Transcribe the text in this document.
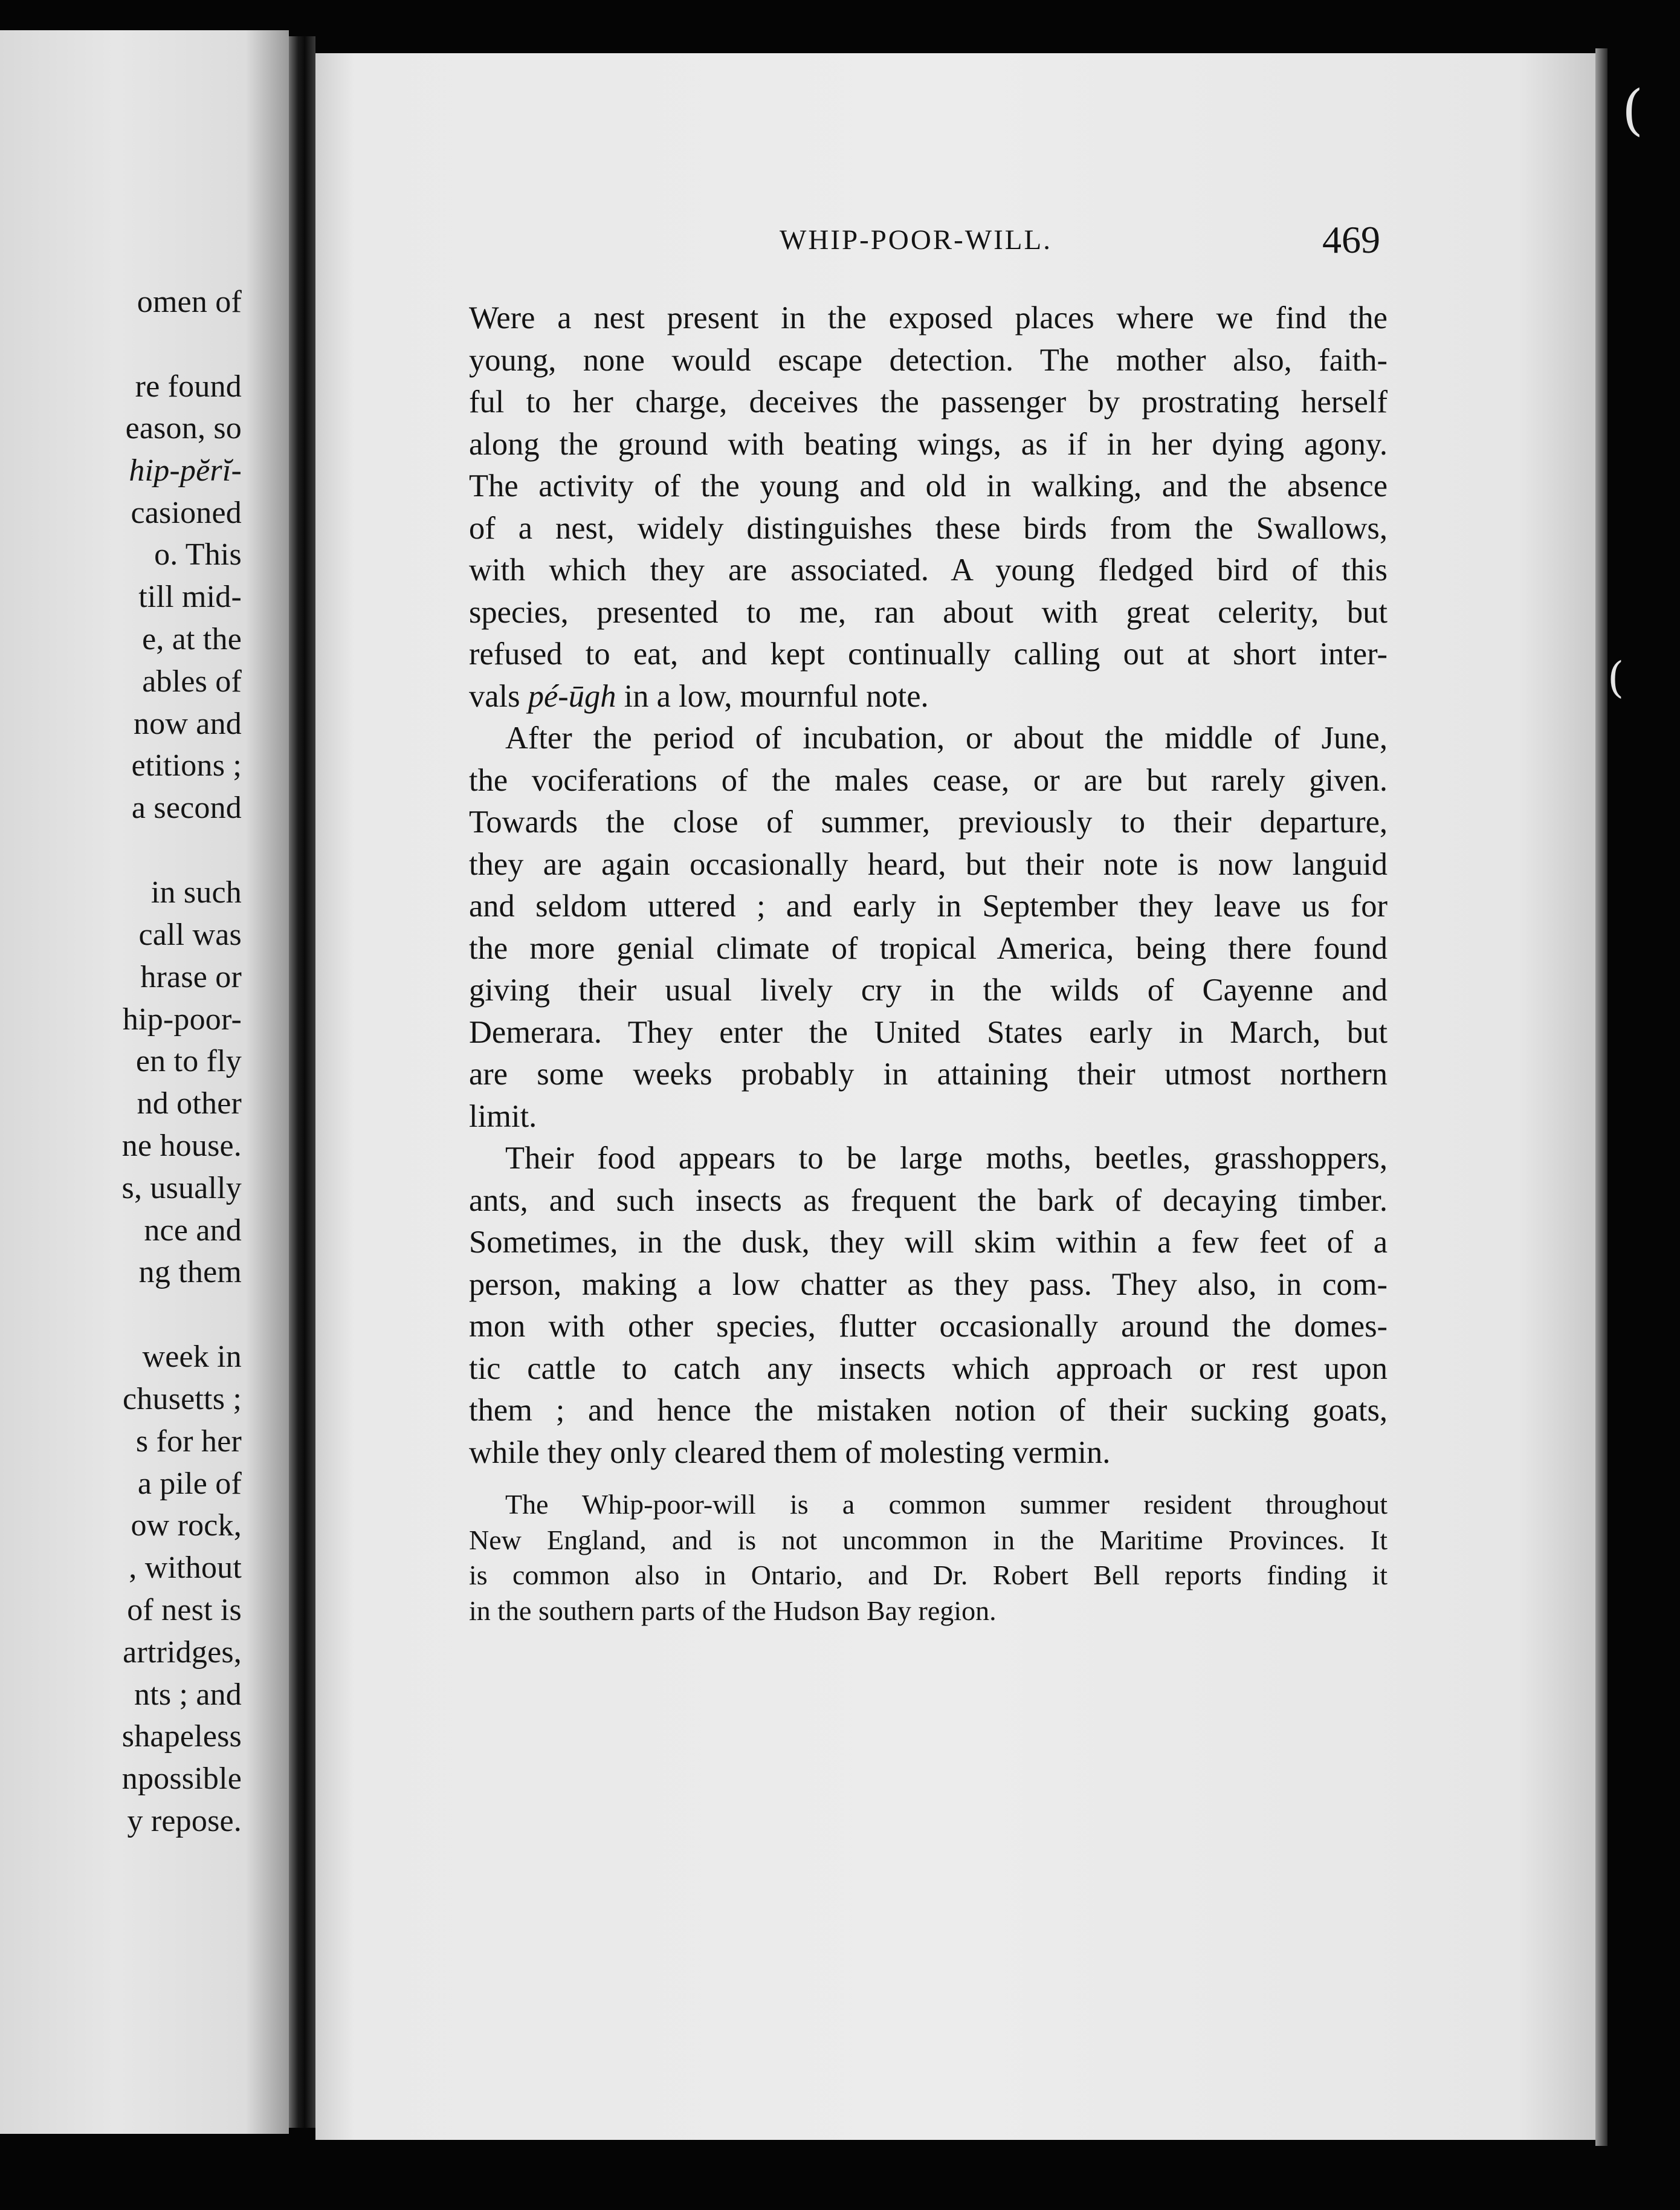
omen of
re found
eason, so
hip-pĕrĭ-
casioned
o. This
till mid-
e, at the
ables of
now and
etitions ;
a second
in such
call was
hrase or
hip-poor-
en to fly
nd other
ne house.
s, usually
nce and
ng them
week in
chusetts ;
s for her
a pile of
ow rock,
, without
of nest is
artridges,
nts ; and
shapeless
npossible
y repose.
WHIP-POOR-WILL.	469
Were a nest present in the exposed places where we find the
young, none would escape detection. The mother also, faith-
ful to her charge, deceives the passenger by prostrating herself
along the ground with beating wings, as if in her dying agony.
The activity of the young and old in walking, and the absence
of a nest, widely distinguishes these birds from the Swallows,
with which they are associated. A young fledged bird of this
species, presented to me, ran about with great celerity, but
refused to eat, and kept continually calling out at short inter-
vals pé-ūgh in a low, mournful note.
After the period of incubation, or about the middle of June,
the vociferations of the males cease, or are but rarely given.
Towards the close of summer, previously to their departure,
they are again occasionally heard, but their note is now languid
and seldom uttered ; and early in September they leave us for
the more genial climate of tropical America, being there found
giving their usual lively cry in the wilds of Cayenne and
Demerara. They enter the United States early in March, but
are some weeks probably in attaining their utmost northern
limit.
Their food appears to be large moths, beetles, grasshoppers,
ants, and such insects as frequent the bark of decaying timber.
Sometimes, in the dusk, they will skim within a few feet of a
person, making a low chatter as they pass. They also, in com-
mon with other species, flutter occasionally around the domes-
tic cattle to catch any insects which approach or rest upon
them ; and hence the mistaken notion of their sucking goats,
while they only cleared them of molesting vermin.
The Whip-poor-will is a common summer resident throughout
New England, and is not uncommon in the Maritime Provinces. It
is common also in Ontario, and Dr. Robert Bell reports finding it
in the southern parts of the Hudson Bay region.
(
(
